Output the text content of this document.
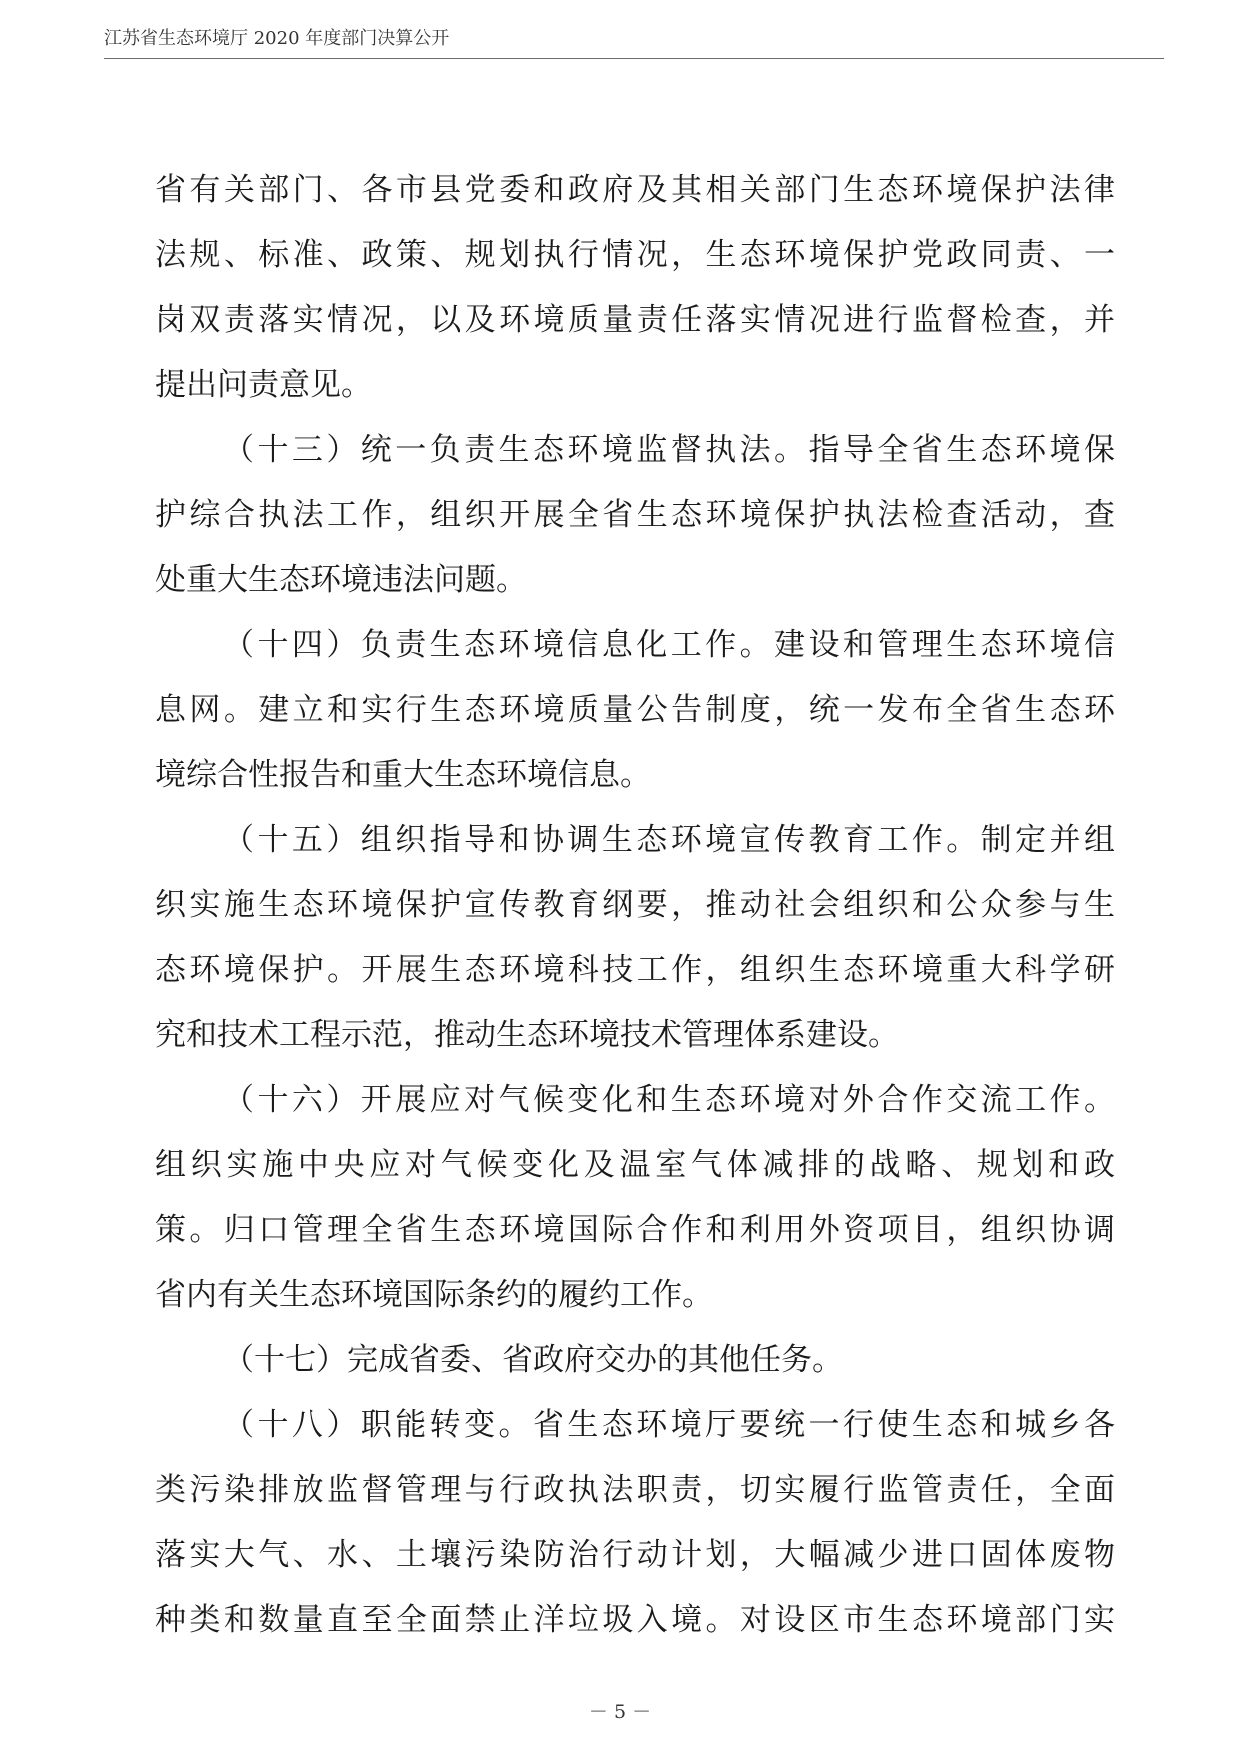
江苏省生态环境厅 2020 年度部门决算公开
省有关部门、各市县党委和政府及其相关部门生态环境保护法律
法规、标准、政策、规划执行情况，生态环境保护党政同责、一
岗双责落实情况，以及环境质量责任落实情况进行监督检查，并
提出问责意见。
（十三）统一负责生态环境监督执法。指导全省生态环境保
护综合执法工作，组织开展全省生态环境保护执法检查活动，查
处重大生态环境违法问题。
（十四）负责生态环境信息化工作。建设和管理生态环境信
息网。建立和实行生态环境质量公告制度，统一发布全省生态环
境综合性报告和重大生态环境信息。
（十五）组织指导和协调生态环境宣传教育工作。制定并组
织实施生态环境保护宣传教育纲要，推动社会组织和公众参与生
态环境保护。开展生态环境科技工作，组织生态环境重大科学研
究和技术工程示范，推动生态环境技术管理体系建设。
（十六）开展应对气候变化和生态环境对外合作交流工作。
组织实施中央应对气候变化及温室气体减排的战略、规划和政
策。归口管理全省生态环境国际合作和利用外资项目，组织协调
省内有关生态环境国际条约的履约工作。
（十七）完成省委、省政府交办的其他任务。
（十八）职能转变。省生态环境厅要统一行使生态和城乡各
类污染排放监督管理与行政执法职责，切实履行监管责任，全面
落实大气、水、土壤污染防治行动计划，大幅减少进口固体废物
种类和数量直至全面禁止洋垃圾入境。对设区市生态环境部门实
－ 5 －
